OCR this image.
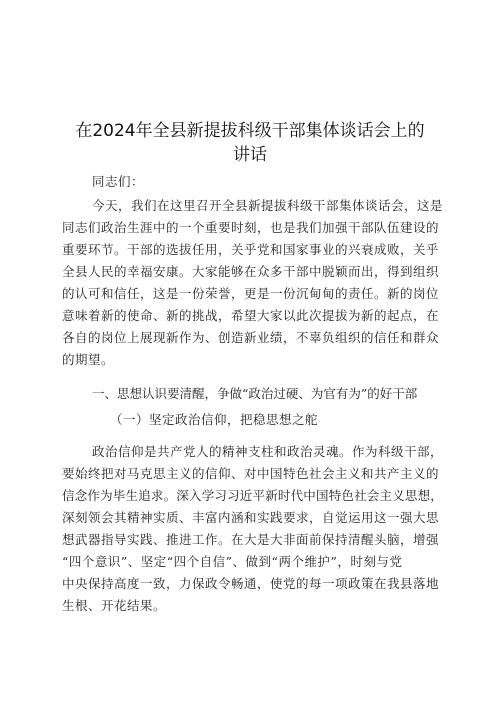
在2024年全县新提拔科级干部集体谈话会上的
讲话
同志们：
今天，我们在这里召开全县新提拔科级干部集体谈话会，这是
同志们政治生涯中的一个重要时刻，也是我们加强干部队伍建设的
重要环节。干部的选拔任用，关乎党和国家事业的兴衰成败，关乎
全县人民的幸福安康。大家能够在众多干部中脱颖而出，得到组织
的认可和信任，这是一份荣誉，更是一份沉甸甸的责任。新的岗位
意味着新的使命、新的挑战，希望大家以此次提拔为新的起点，在
各自的岗位上展现新作为、创造新业绩，不辜负组织的信任和群众
的期望。
一、思想认识要清醒，争做“政治过硬、为官有为”的好干部
（一）坚定政治信仰，把稳思想之舵
政治信仰是共产党人的精神支柱和政治灵魂。作为科级干部，
要始终把对马克思主义的信仰、对中国特色社会主义和共产主义的
信念作为毕生追求。深入学习习近平新时代中国特色社会主义思想，
深刻领会其精神实质、丰富内涵和实践要求，自觉运用这一强大思
想武器指导实践、推进工作。在大是大非面前保持清醒头脑，增强
“四个意识”、坚定“四个自信”、做到“两个维护”，时刻与党
中央保持高度一致，力保政令畅通，使党的每一项政策在我县落地
生根、开花结果。
